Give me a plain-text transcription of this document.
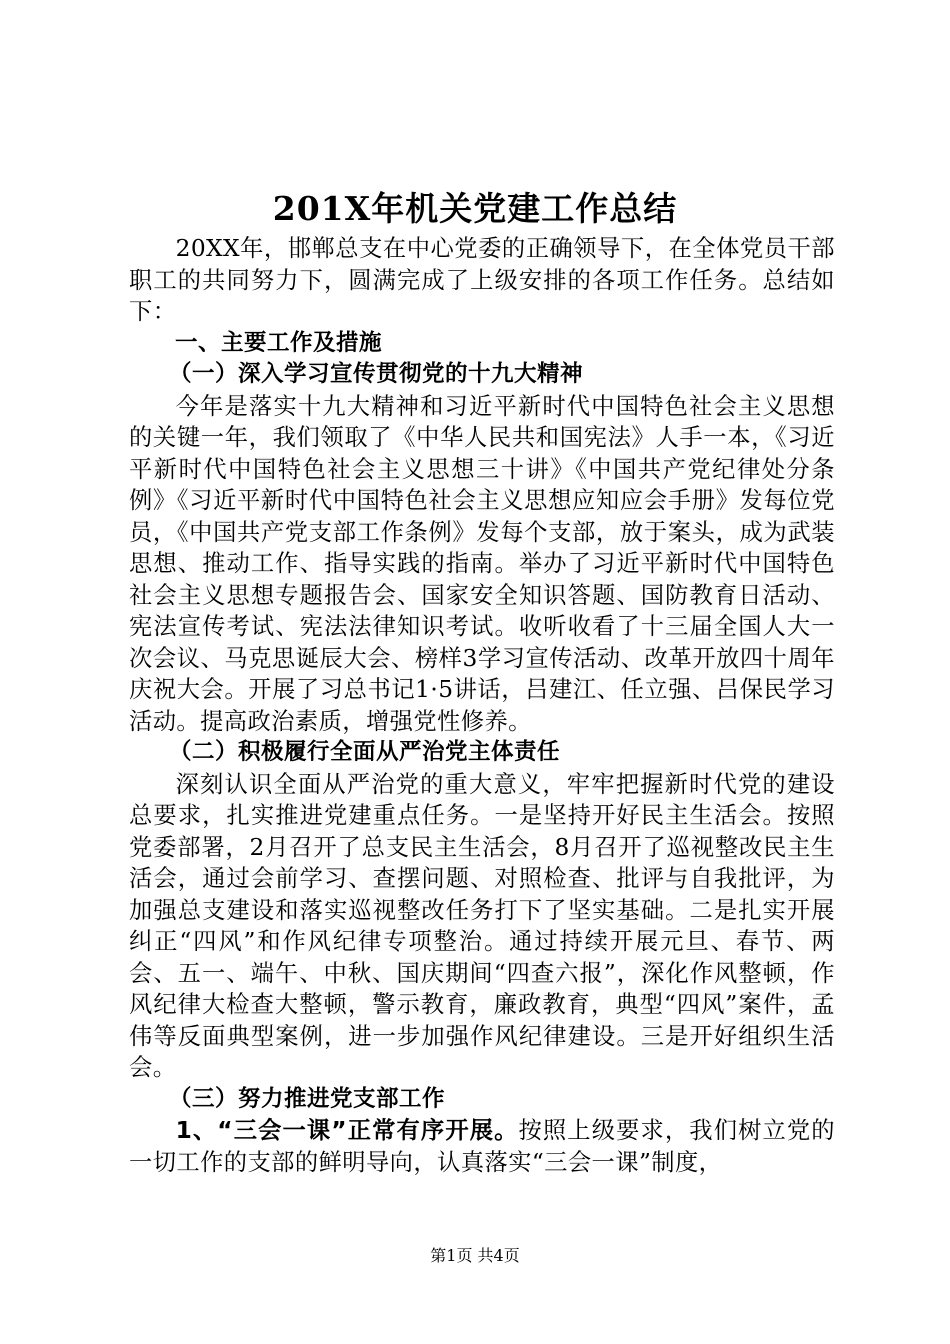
201X年机关党建工作总结

20XX年，邯郸总支在中心党委的正确领导下，在全体党员干部职工的共同努力下，圆满完成了上级安排的各项工作任务。总结如下：

一、主要工作及措施

（一）深入学习宣传贯彻党的十九大精神

今年是落实十九大精神和习近平新时代中国特色社会主义思想的关键一年，我们领取了《中华人民共和国宪法》人手一本，《习近平新时代中国特色社会主义思想三十讲》《中国共产党纪律处分条例》《习近平新时代中国特色社会主义思想应知应会手册》发每位党员，《中国共产党支部工作条例》发每个支部，放于案头，成为武装思想、推动工作、指导实践的指南。举办了习近平新时代中国特色社会主义思想专题报告会、国家安全知识答题、国防教育日活动、宪法宣传考试、宪法法律知识考试。收听收看了十三届全国人大一次会议、马克思诞辰大会、榜样3学习宣传活动、改革开放四十周年庆祝大会。开展了习总书记1·5讲话，吕建江、任立强、吕保民学习活动。提高政治素质，增强党性修养。

（二）积极履行全面从严治党主体责任

深刻认识全面从严治党的重大意义，牢牢把握新时代党的建设总要求，扎实推进党建重点任务。一是坚持开好民主生活会。按照党委部署，2月召开了总支民主生活会，8月召开了巡视整改民主生活会，通过会前学习、查摆问题、对照检查、批评与自我批评，为加强总支建设和落实巡视整改任务打下了坚实基础。二是扎实开展纠正“四风”和作风纪律专项整治。通过持续开展元旦、春节、两会、五一、端午、中秋、国庆期间“四查六报”，深化作风整顿，作风纪律大检查大整顿，警示教育，廉政教育，典型“四风”案件，孟伟等反面典型案例，进一步加强作风纪律建设。三是开好组织生活会。

（三）努力推进党支部工作

1、“三会一课”正常有序开展。按照上级要求，我们树立党的一切工作的支部的鲜明导向，认真落实“三会一课”制度，

第1页 共4页
